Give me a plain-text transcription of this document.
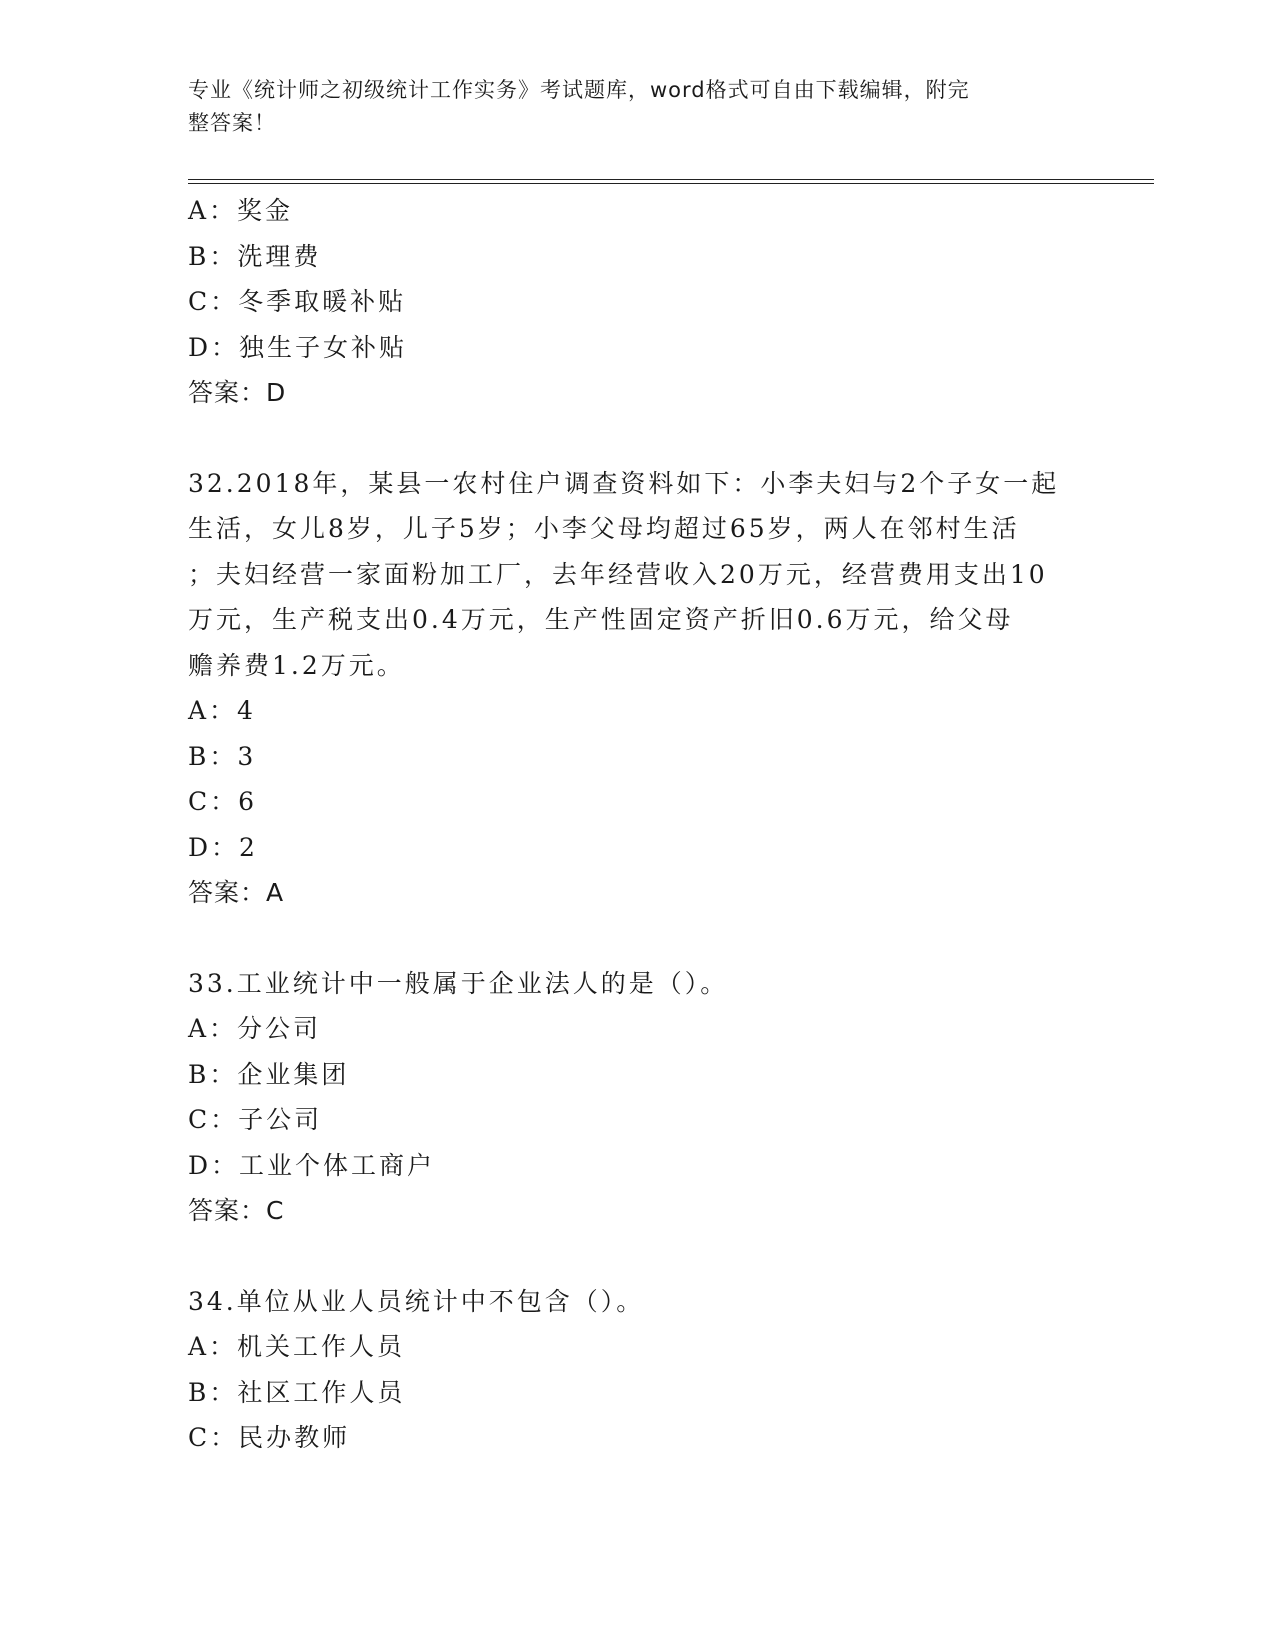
专业《统计师之初级统计工作实务》考试题库，word格式可自由下载编辑，附完
整答案！
A：奖金
B：洗理费
C：冬季取暖补贴
D：独生子女补贴
答案：D
32.2018年，某县一农村住户调查资料如下：小李夫妇与2个子女一起
生活，女儿8岁，儿子5岁；小李父母均超过65岁，两人在邻村生活
；夫妇经营一家面粉加工厂，去年经营收入20万元，经营费用支出10
万元，生产税支出0.4万元，生产性固定资产折旧0.6万元，给父母
赡养费1.2万元。
A：4
B：3
C：6
D：2
答案：A
33.工业统计中一般属于企业法人的是（）。
A：分公司
B：企业集团
C：子公司
D：工业个体工商户
答案：C
34.单位从业人员统计中不包含（）。
A：机关工作人员
B：社区工作人员
C：民办教师
